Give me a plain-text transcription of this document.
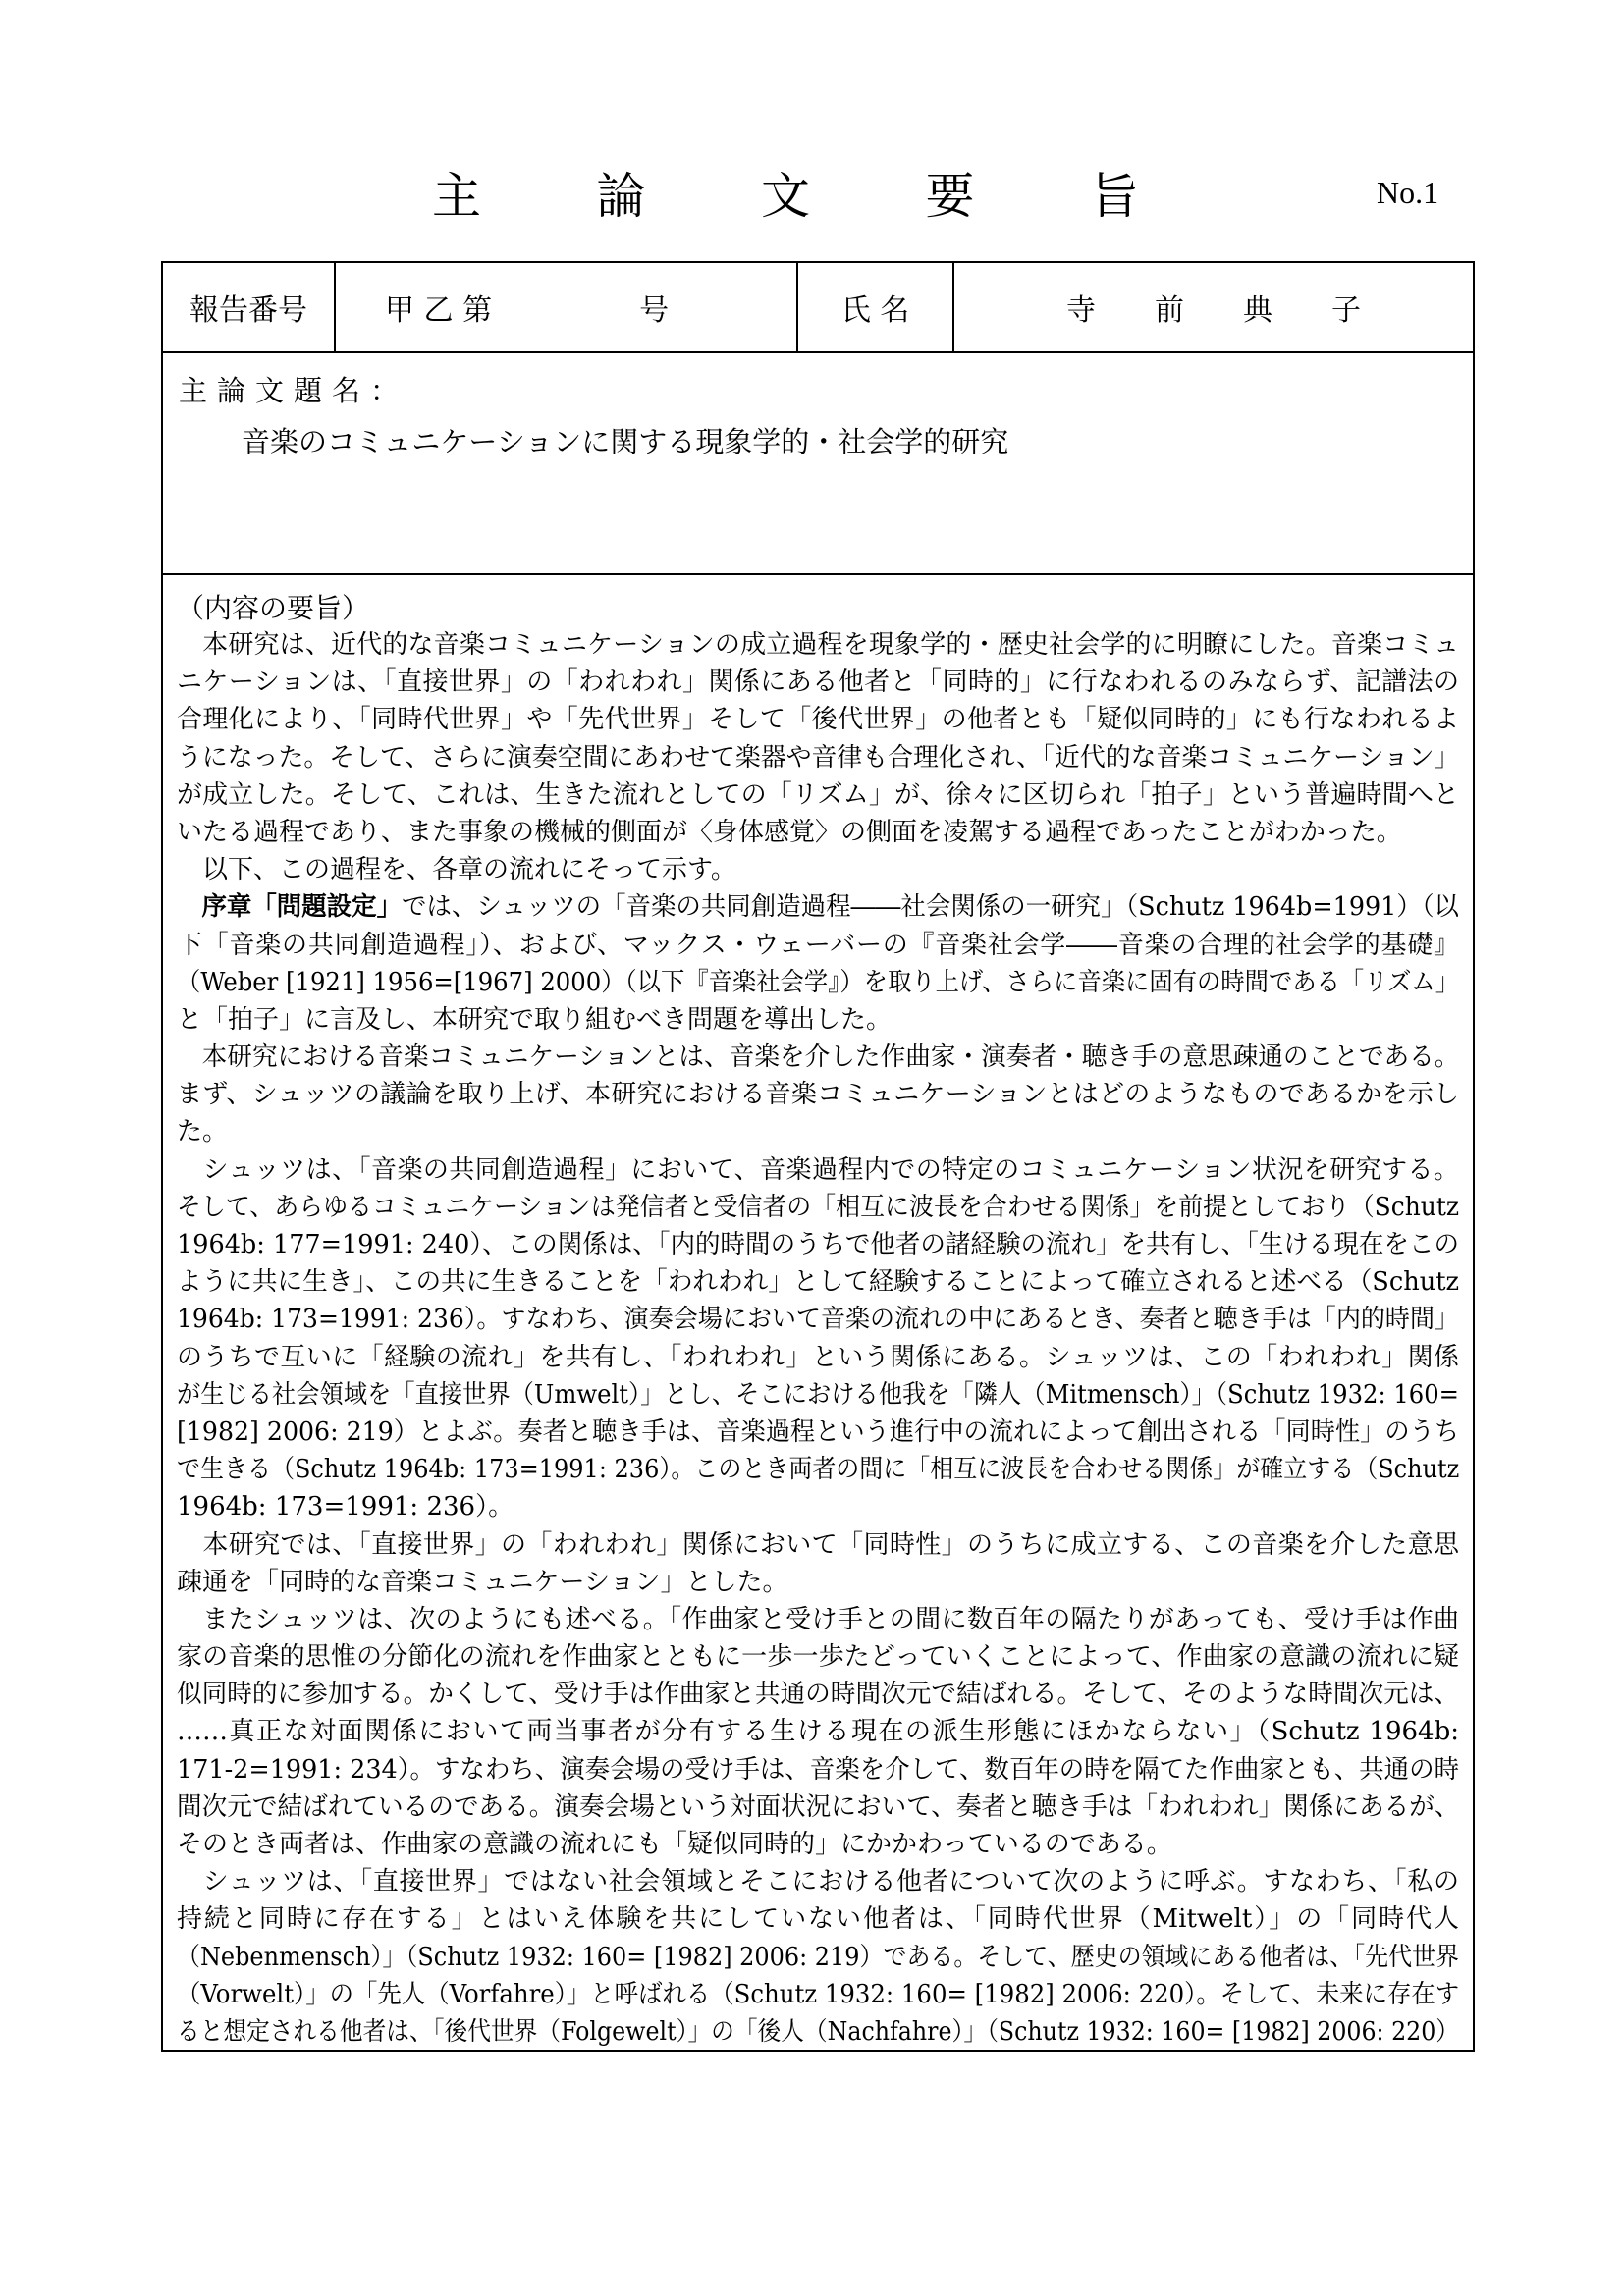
主 論 文 要 旨	No.1
報告番号	甲 乙 第　　　　　号	氏 名	寺　　前　　典　　子
主論文題名：
音楽のコミュニケーションに関する現象学的・社会学的研究
（内容の要旨）
　本研究は、近代的な音楽コミュニケーションの成立過程を現象学的・歴史社会学的に明瞭にした。音楽コミュ
ニケーションは、「直接世界」の「われわれ」関係にある他者と「同時的」に行なわれるのみならず、記譜法の
合理化により、「同時代世界」や「先代世界」そして「後代世界」の他者とも「疑似同時的」にも行なわれるよ
うになった。そして、さらに演奏空間にあわせて楽器や音律も合理化され、「近代的な音楽コミュニケーション」
が成立した。そして、これは、生きた流れとしての「リズム」が、徐々に区切られ「拍子」という普遍時間へと
いたる過程であり、また事象の機械的側面が〈身体感覚〉の側面を凌駕する過程であったことがわかった。
　以下、この過程を、各章の流れにそって示す。
　序章「問題設定」では、シュッツの「音楽の共同創造過程――社会関係の一研究」（Schutz 1964b=1991）（以
下「音楽の共同創造過程」）、および、マックス・ウェーバーの『音楽社会学――音楽の合理的社会学的基礎』
（Weber [1921] 1956=[1967] 2000）（以下『音楽社会学』）を取り上げ、さらに音楽に固有の時間である「リズム」
と「拍子」に言及し、本研究で取り組むべき問題を導出した。
　本研究における音楽コミュニケーションとは、音楽を介した作曲家・演奏者・聴き手の意思疎通のことである。
まず、シュッツの議論を取り上げ、本研究における音楽コミュニケーションとはどのようなものであるかを示し
た。
　シュッツは、「音楽の共同創造過程」において、音楽過程内での特定のコミュニケーション状況を研究する。
そして、あらゆるコミュニケーションは発信者と受信者の「相互に波長を合わせる関係」を前提としており（Schutz
1964b: 177=1991: 240）、この関係は、「内的時間のうちで他者の諸経験の流れ」を共有し、「生ける現在をこの
ように共に生き」、この共に生きることを「われわれ」として経験することによって確立されると述べる（Schutz
1964b: 173=1991: 236）。すなわち、演奏会場において音楽の流れの中にあるとき、奏者と聴き手は「内的時間」
のうちで互いに「経験の流れ」を共有し、「われわれ」という関係にある。シュッツは、この「われわれ」関係
が生じる社会領域を「直接世界（Umwelt）」とし、そこにおける他我を「隣人（Mitmensch）」（Schutz 1932: 160=
[1982] 2006: 219）とよぶ。奏者と聴き手は、音楽過程という進行中の流れによって創出される「同時性」のうち
で生きる（Schutz 1964b: 173=1991: 236）。このとき両者の間に「相互に波長を合わせる関係」が確立する（Schutz
1964b: 173=1991: 236）。
　本研究では、「直接世界」の「われわれ」関係において「同時性」のうちに成立する、この音楽を介した意思
疎通を「同時的な音楽コミュニケーション」とした。
　またシュッツは、次のようにも述べる。「作曲家と受け手との間に数百年の隔たりがあっても、受け手は作曲
家の音楽的思惟の分節化の流れを作曲家とともに一歩一歩たどっていくことによって、作曲家の意識の流れに疑
似同時的に参加する。かくして、受け手は作曲家と共通の時間次元で結ばれる。そして、そのような時間次元は、
……真正な対面関係において両当事者が分有する生ける現在の派生形態にほかならない」（Schutz 1964b:
171-2=1991: 234）。すなわち、演奏会場の受け手は、音楽を介して、数百年の時を隔てた作曲家とも、共通の時
間次元で結ばれているのである。演奏会場という対面状況において、奏者と聴き手は「われわれ」関係にあるが、
そのとき両者は、作曲家の意識の流れにも「疑似同時的」にかかわっているのである。
　シュッツは、「直接世界」ではない社会領域とそこにおける他者について次のように呼ぶ。すなわち、「私の
持続と同時に存在する」とはいえ体験を共にしていない他者は、「同時代世界（Mitwelt）」の「同時代人
（Nebenmensch）」（Schutz 1932: 160= [1982] 2006: 219）である。そして、歴史の領域にある他者は、「先代世界
（Vorwelt）」の「先人（Vorfahre）」と呼ばれる（Schutz 1932: 160= [1982] 2006: 220）。そして、未来に存在す
ると想定される他者は、「後代世界（Folgewelt）」の「後人（Nachfahre）」（Schutz 1932: 160= [1982] 2006: 220）
